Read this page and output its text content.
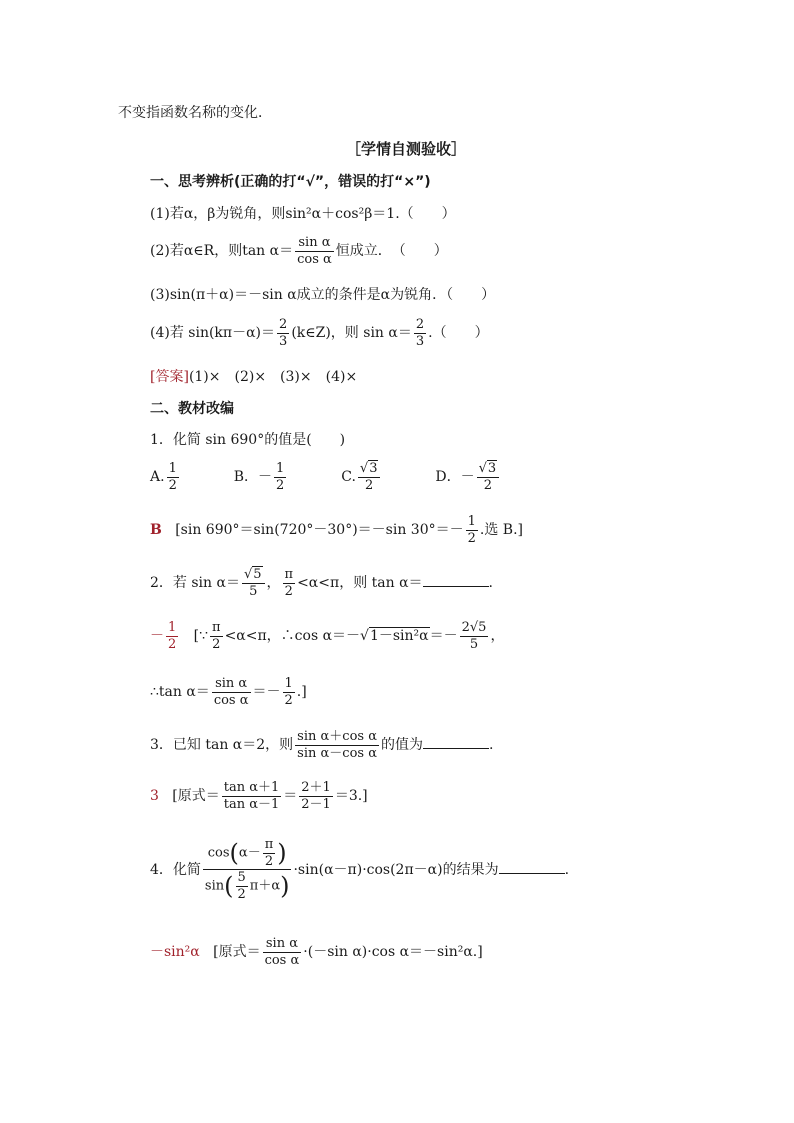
不变指函数名称的变化．
［学情自测验收］
一、思考辨析(正确的打“√”，错误的打“×”)
(1)若α，β为锐角，则sin²α＋cos²β＝1.（　　）
(2)若α∈R，则$\tan \alpha= \frac{\text{sin α}}{\text{cos α}}$ 恒成立．　（　　）
(3)sin(π＋α)＝－sin α成立的条件是α为锐角．（　　）
(4)若 $\sin(k\pi-\alpha)= \frac{2}{3}$ (k∈Z)，则 $\sin \alpha= \frac{2}{3}$ .（　　）
[答案](1)×　(2)×　(3)×　(4)×
二、教材改编
1．化简 sin 690°的值是(　　)
A. $\frac{1}{2}$	B．－ $\frac{1}{2}$	C. $\frac{√3}{2}$	D．－ $\frac{√3}{2}$
B [sin 690°＝sin(720°－30°)＝－sin $30^\circ=- \frac{1}{2}$ .选 B.]
2．若 $\sin \alpha= \frac{√5}{5}$ ， $\frac{\pi}{2} <\alpha<\pi$，则 tan α＝	.
－ $\frac{1}{2}$ [∵ $\frac{\pi}{2} <\alpha<\pi$，∴cos $\alpha=-√1-\sin^2\alpha=- \frac{2√5}{5}$ ，
∴tan $\alpha= \frac{\text{sin α}}{\text{cos α}} =- \frac{1}{2}$ .]
3．已知 tan α＝2，则 $\frac{\text{sin α＋cos α}}{\text{sin α－cos α}}$ 的值为	.
3 [原式＝ $\frac{\text{tan α＋1}}{\text{tan α－1}} = \frac{2+1}{2-1} =3$.]
4．化简 $\frac{\cos(\alpha- \frac{\pi}{2} )}{\sin( \frac{5}{2} \pi+\alpha)} \cdot\sin(\alpha-\pi)\cdot\cos(2\pi-\alpha)$的结果为	.
－sin²α [原式＝ $\frac{\text{sin α}}{\text{cos α}} \cdot(-\sin$ α)·cos α＝－sin²α.]
